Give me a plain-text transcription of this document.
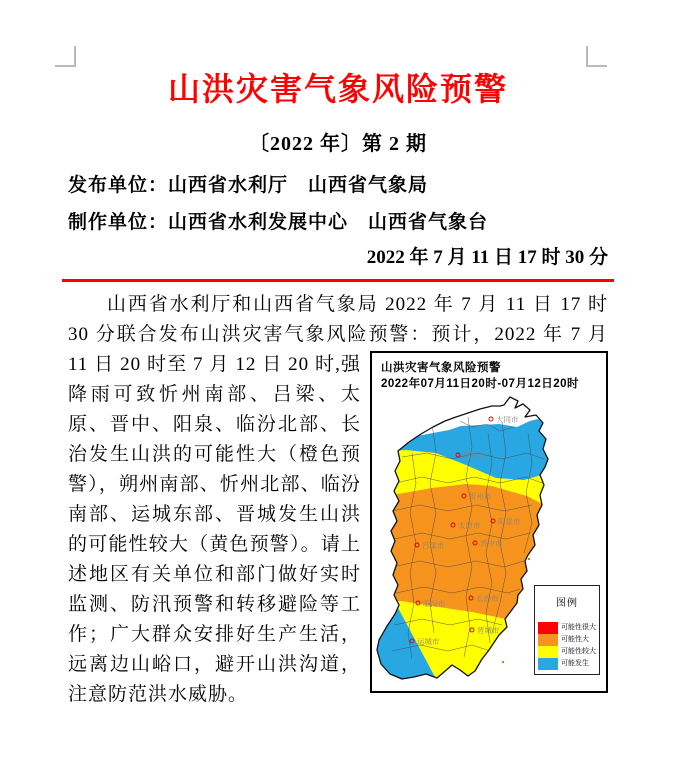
山洪灾害气象风险预警
〔2022 年〕第 2 期
发布单位：山西省水利厅　山西省气象局
制作单位：山西省水利发展中心　山西省气象台
2022 年 7 月 11 日 17 时 30 分
山西省水利厅和山西省气象局 2022 年 7 月 11 日 17 时 30 分联合发布山洪灾害气象风险预警：预计，2022 年 7 月 11 日	山洪灾害气象风险预警
2022年07月11日20时-07月12日20时
大同市
朔州市
忻州市
太原市 阳泉市
吕梁市	晋中市
临汾市
长治市
晋城市
运城市
图例
可能性很大
可能性大
可能性较大
可能发生
20 时至 7 月 12 日 20 时,强降雨可致忻州南部、吕梁、太原、晋中、阳泉、临汾北部、长治发生山洪的可能性大（橙色预警），朔州南部、忻州北部、临汾南部、运城东部、晋城发生山洪的可能性较大（黄色预警）。请上述地区有关单位和部门做好实时监测、防汛预警和转移避险等工作；广大群众安排好生产生活，远离边山峪口，避开山洪沟道，注意防范洪水威胁。
